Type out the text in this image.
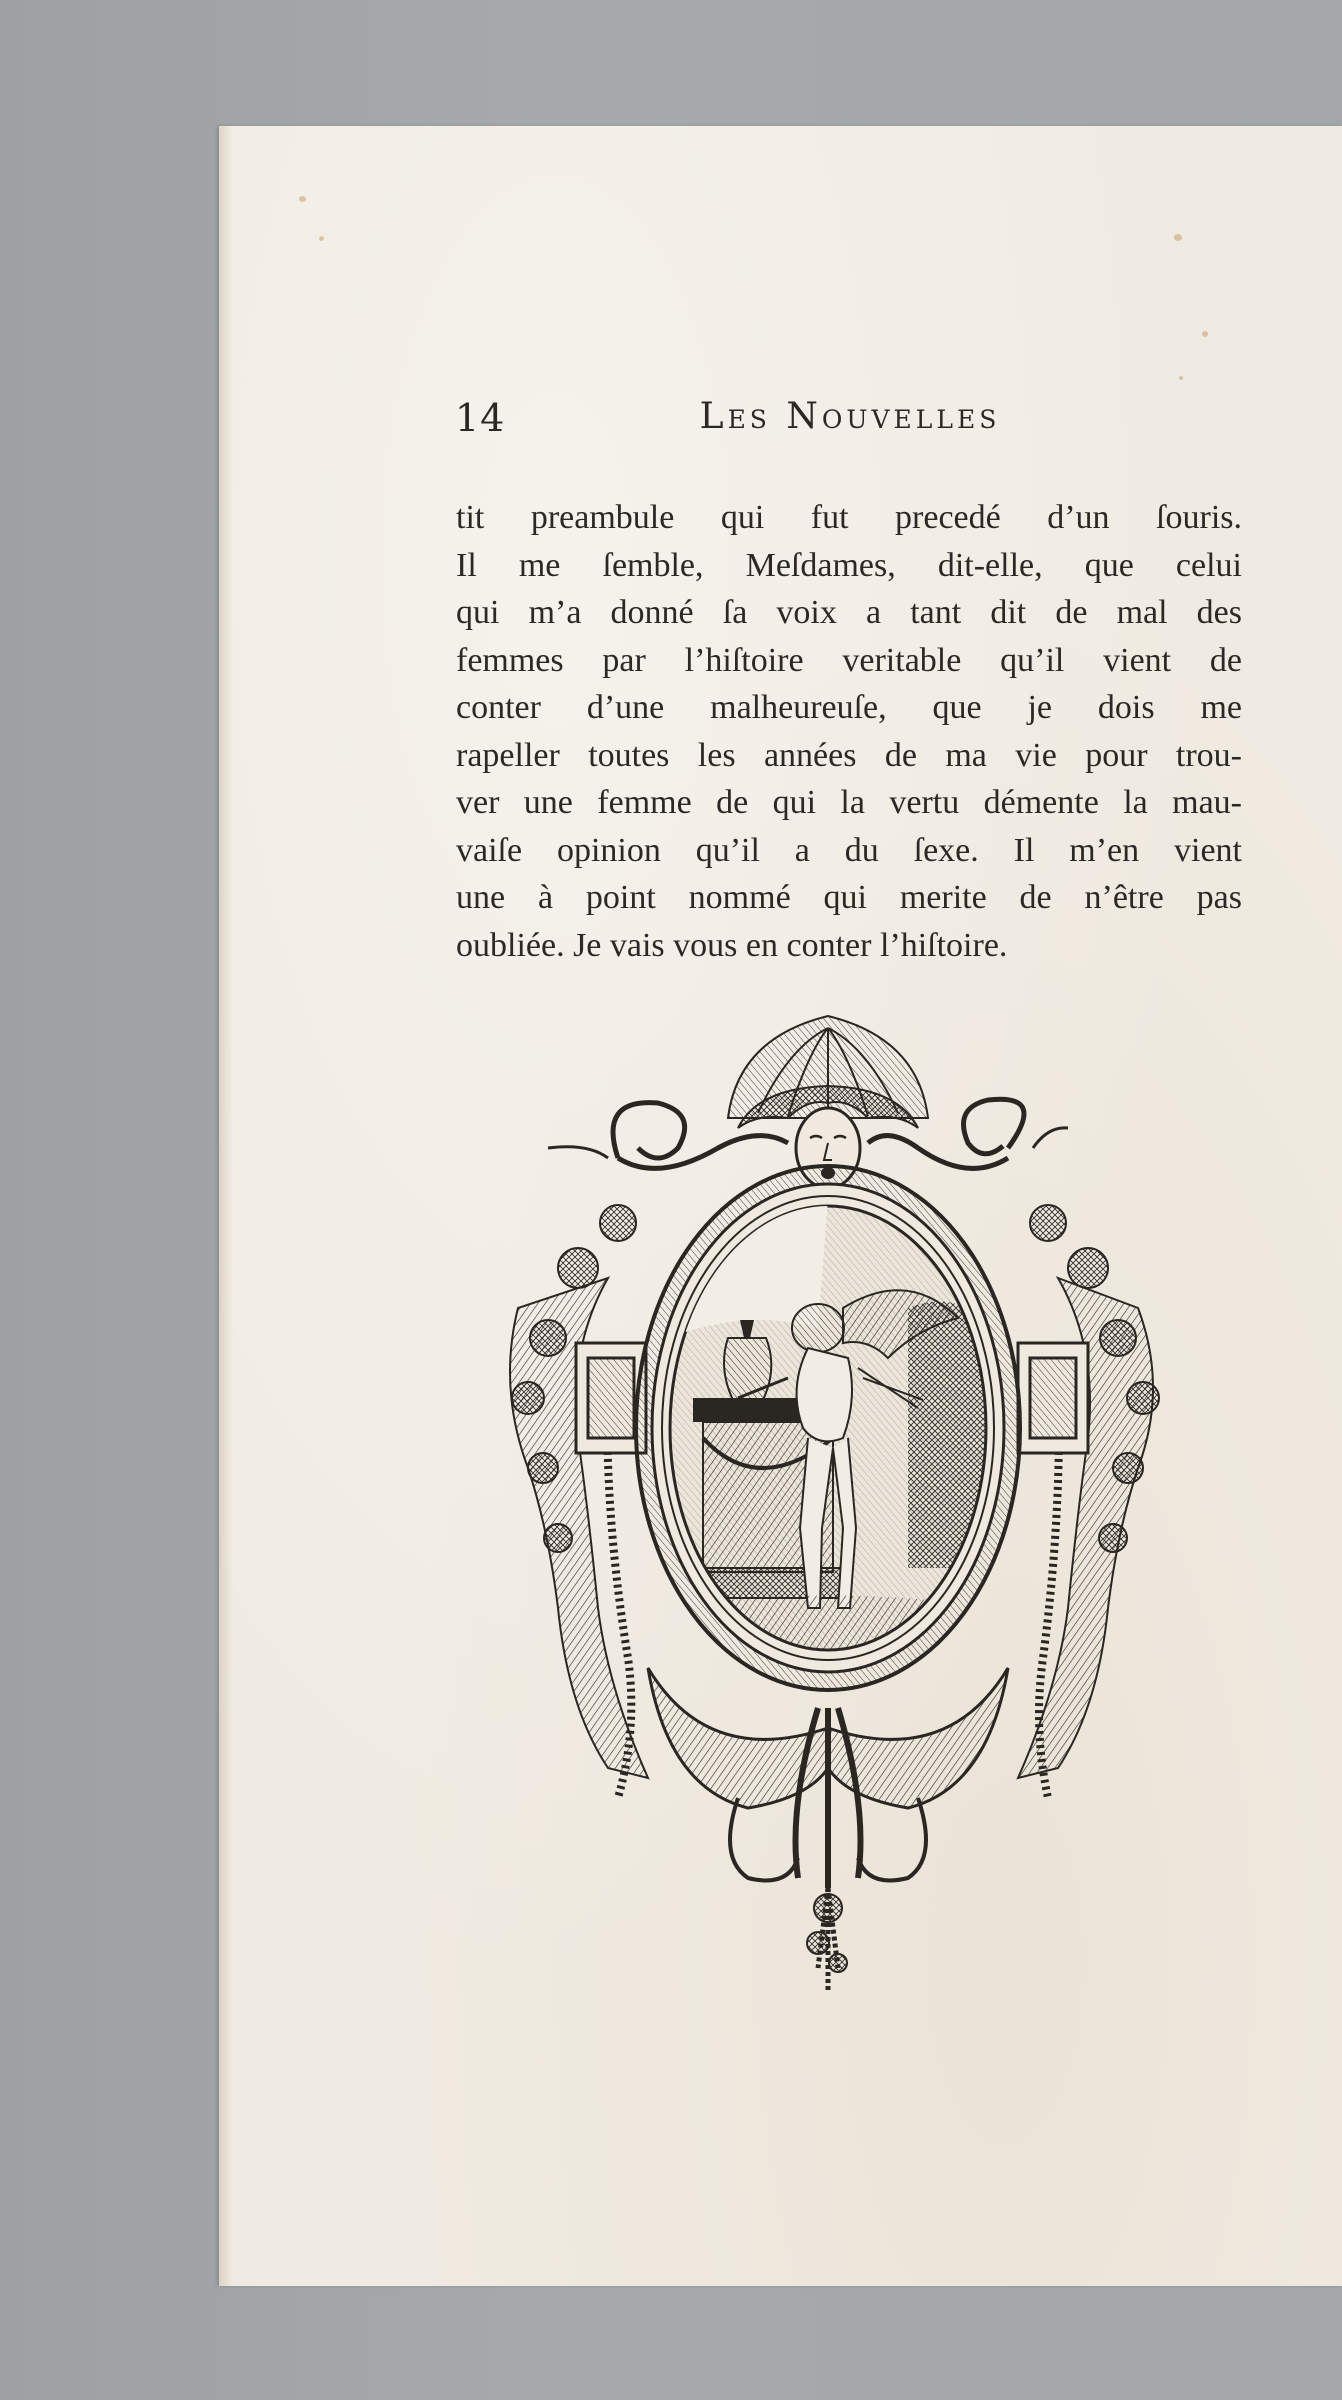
14	Les Nouvelles
tit preambule qui fut precedé d’un ſouris.
Il me ſemble, Meſdames, dit-elle, que celui
qui m’a donné ſa voix a tant dit de mal des
femmes par l’hiſtoire veritable qu’il vient de
conter d’une malheureuſe, que je dois me
rapeller toutes les années de ma vie pour trou-
ver une femme de qui la vertu démente la mau-
vaiſe opinion qu’il a du ſexe. Il m’en vient
une à point nommé qui merite de n’être pas
oubliée. Je vais vous en conter l’hiſtoire.
